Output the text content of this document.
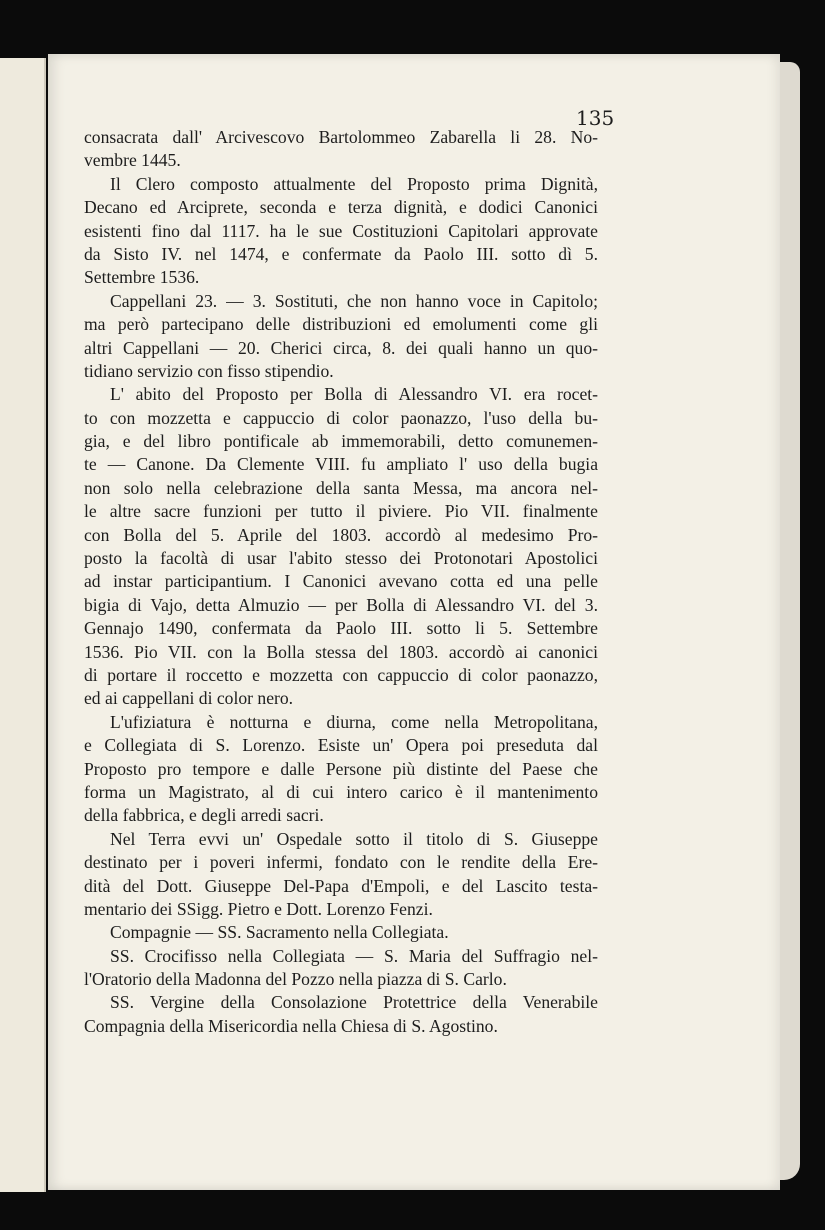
135
consacrata dall' Arcivescovo Bartolommeo Zabarella li 28. No-
vembre 1445.
Il Clero composto attualmente del Proposto prima Dignità,
Decano ed Arciprete, seconda e terza dignità, e dodici Canonici
esistenti fino dal 1117. ha le sue Costituzioni Capitolari approvate
da Sisto IV. nel 1474, e confermate da Paolo III. sotto dì 5.
Settembre 1536.
Cappellani 23. — 3. Sostituti, che non hanno voce in Capitolo;
ma però partecipano delle distribuzioni ed emolumenti come gli
altri Cappellani — 20. Cherici circa, 8. dei quali hanno un quo-
tidiano servizio con fisso stipendio.
L' abito del Proposto per Bolla di Alessandro VI. era rocet-
to con mozzetta e cappuccio di color paonazzo, l'uso della bu-
gia, e del libro pontificale ab immemorabili, detto comunemen-
te — Canone. Da Clemente VIII. fu ampliato l' uso della bugia
non solo nella celebrazione della santa Messa, ma ancora nel-
le altre sacre funzioni per tutto il piviere. Pio VII. finalmente
con Bolla del 5. Aprile del 1803. accordò al medesimo Pro-
posto la facoltà di usar l'abito stesso dei Protonotari Apostolici
ad instar participantium. I Canonici avevano cotta ed una pelle
bigia di Vajo, detta Almuzio — per Bolla di Alessandro VI. del 3.
Gennajo 1490, confermata da Paolo III. sotto li 5. Settembre
1536. Pio VII. con la Bolla stessa del 1803. accordò ai canonici
di portare il roccetto e mozzetta con cappuccio di color paonazzo,
ed ai cappellani di color nero.
L'ufiziatura è notturna e diurna, come nella Metropolitana,
e Collegiata di S. Lorenzo. Esiste un' Opera poi preseduta dal
Proposto pro tempore e dalle Persone più distinte del Paese che
forma un Magistrato, al di cui intero carico è il mantenimento
della fabbrica, e degli arredi sacri.
Nel Terra evvi un' Ospedale sotto il titolo di S. Giuseppe
destinato per i poveri infermi, fondato con le rendite della Ere-
dità del Dott. Giuseppe Del-Papa d'Empoli, e del Lascito testa-
mentario dei SSigg. Pietro e Dott. Lorenzo Fenzi.
Compagnie — SS. Sacramento nella Collegiata.
SS. Crocifisso nella Collegiata — S. Maria del Suffragio nel-
l'Oratorio della Madonna del Pozzo nella piazza di S. Carlo.
SS. Vergine della Consolazione Protettrice della Venerabile
Compagnia della Misericordia nella Chiesa di S. Agostino.
